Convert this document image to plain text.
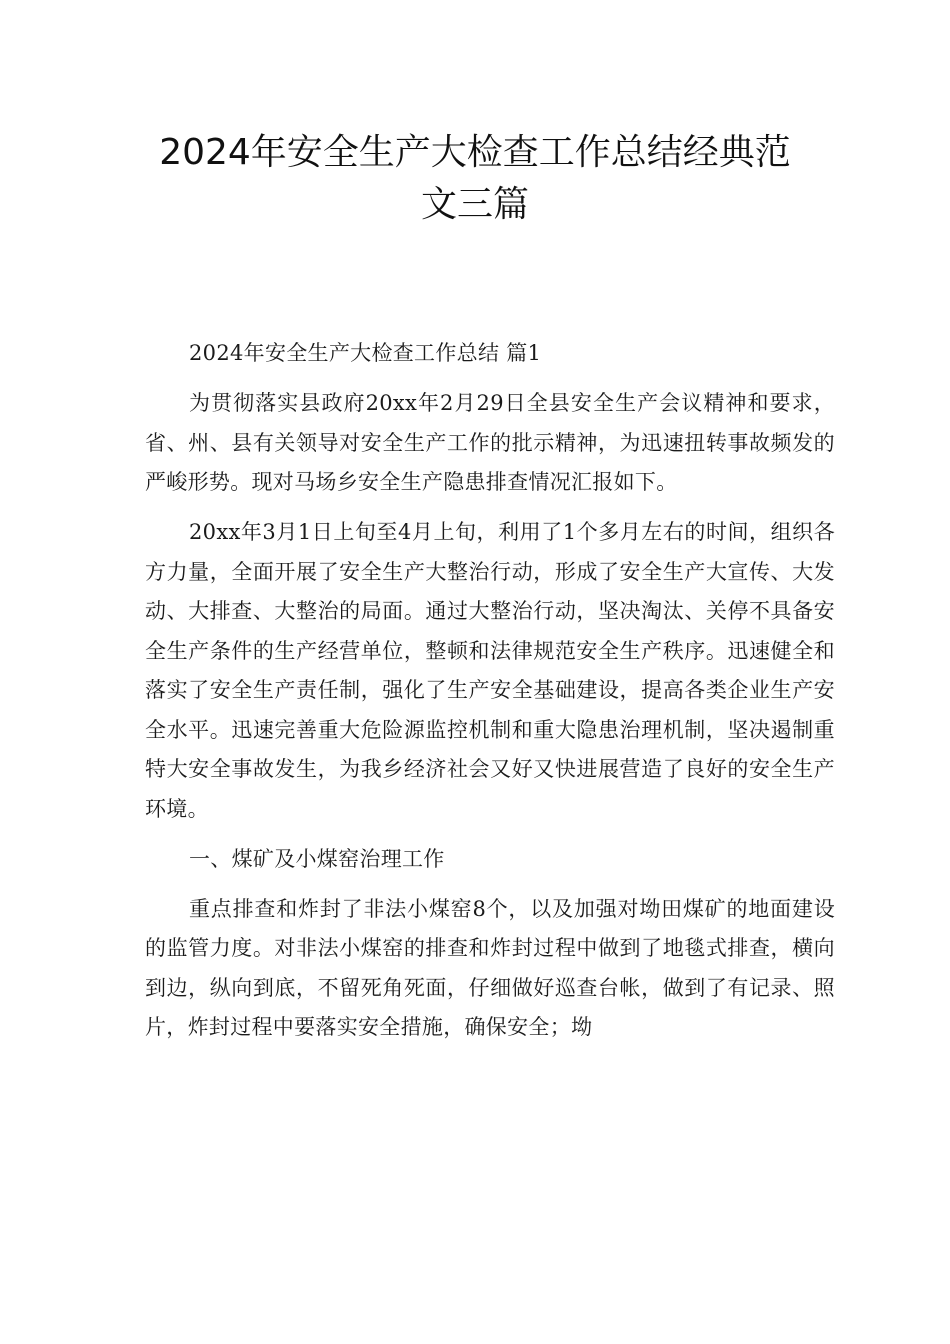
2024年安全生产大检查工作总结经典范
文三篇

2024年安全生产大检查工作总结 篇1

为贯彻落实县政府20xx年2月29日全县安全生产会议精神和要求，省、州、县有关领导对安全生产工作的批示精神，为迅速扭转事故频发的严峻形势。现对马场乡安全生产隐患排查情况汇报如下。

20xx年3月1日上旬至4月上旬，利用了1个多月左右的时间，组织各方力量，全面开展了安全生产大整治行动，形成了安全生产大宣传、大发动、大排查、大整治的局面。通过大整治行动，坚决淘汰、关停不具备安全生产条件的生产经营单位，整顿和法律规范安全生产秩序。迅速健全和落实了安全生产责任制，强化了生产安全基础建设，提高各类企业生产安全水平。迅速完善重大危险源监控机制和重大隐患治理机制，坚决遏制重特大安全事故发生，为我乡经济社会又好又快进展营造了良好的安全生产环境。

一、煤矿及小煤窑治理工作

重点排查和炸封了非法小煤窑8个，以及加强对坳田煤矿的地面建设的监管力度。对非法小煤窑的排查和炸封过程中做到了地毯式排查，横向到边，纵向到底，不留死角死面，仔细做好巡查台帐，做到了有记录、照片，炸封过程中要落实安全措施，确保安全；坳
